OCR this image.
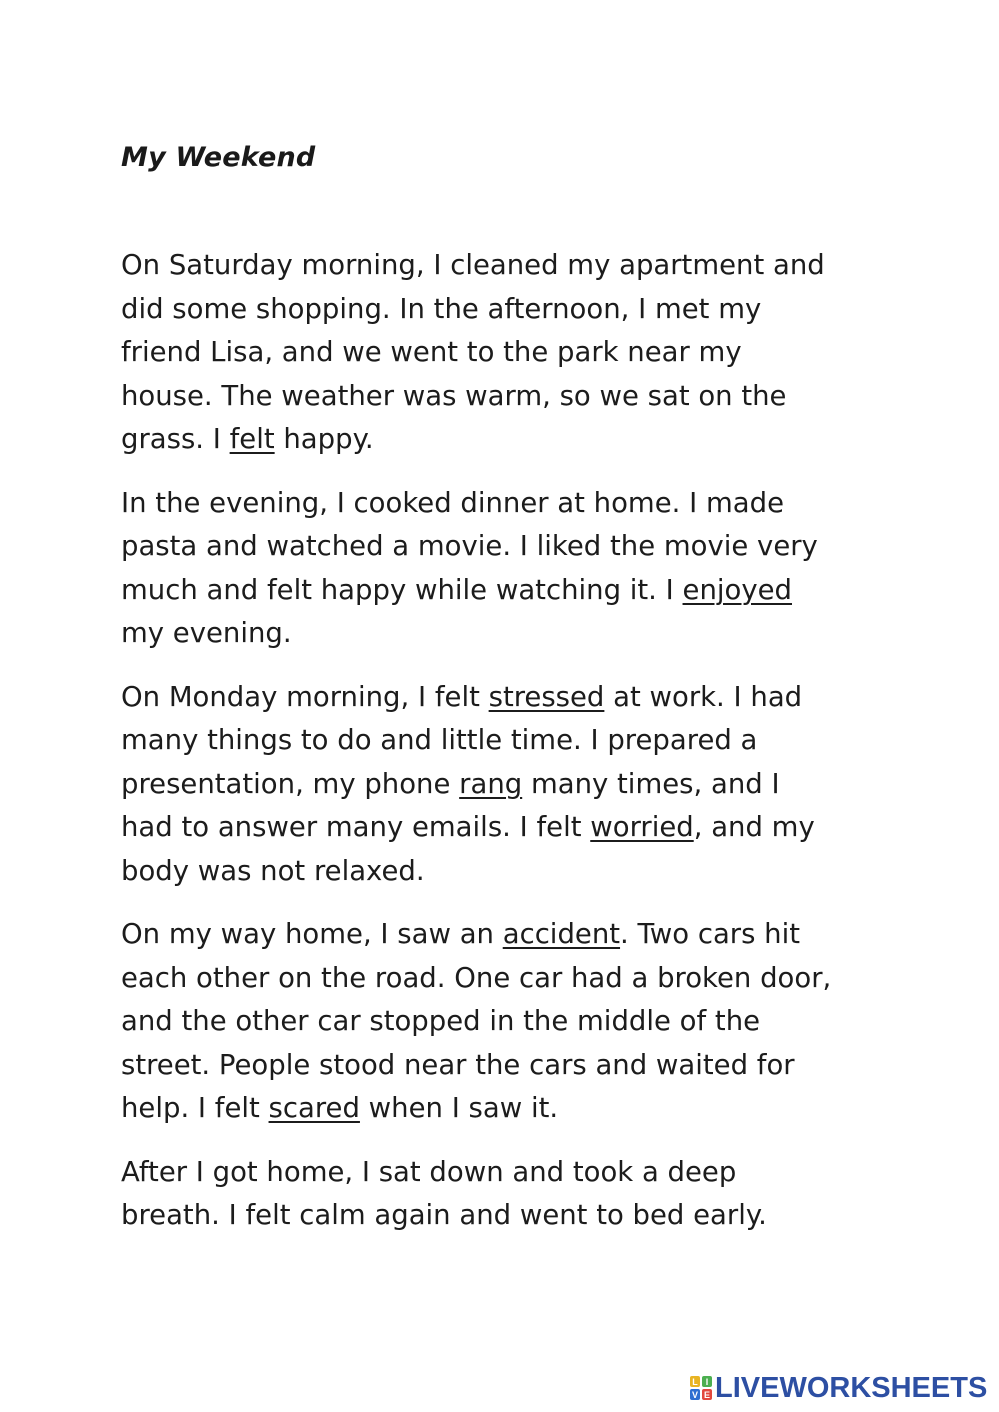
My Weekend

On Saturday morning, I cleaned my apartment and
did some shopping. In the afternoon, I met my
friend Lisa, and we went to the park near my
house. The weather was warm, so we sat on the
grass. I felt happy.

In the evening, I cooked dinner at home. I made
pasta and watched a movie. I liked the movie very
much and felt happy while watching it. I enjoyed
my evening.

On Monday morning, I felt stressed at work. I had
many things to do and little time. I prepared a
presentation, my phone rang many times, and I
had to answer many emails. I felt worried, and my
body was not relaxed.

On my way home, I saw an accident. Two cars hit
each other on the road. One car had a broken door,
and the other car stopped in the middle of the
street. People stood near the cars and waited for
help. I felt scared when I saw it.

After I got home, I sat down and took a deep
breath. I felt calm again and went to bed early.

L I
V E LIVEWORKSHEETS
